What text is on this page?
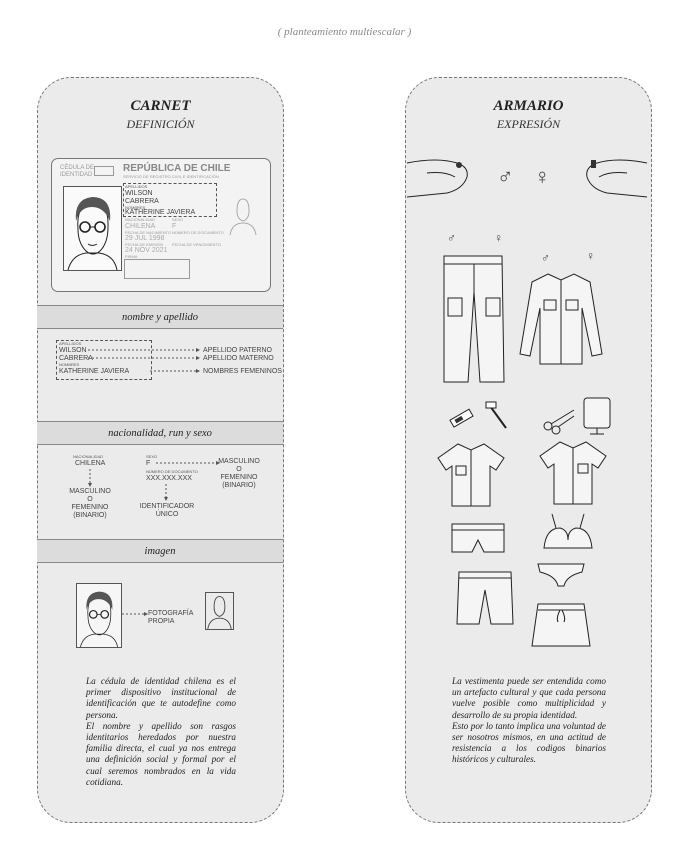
( planteamiento multiescalar )
CARNET
DEFINICIÓN
CÉDULA DE
IDENTIDAD
REPÚBLICA DE CHILE
SERVICIO DE REGISTRO CIVIL E IDENTIFICACIÓN
APELLIDOS
WILSON
CABRERA
NOMBRES
KATHERINE JAVIERA
NACIONALIDAD
CHILENA
SEXO
F
FECHA DE NACIMIENTO NÚMERO DE DOCUMENTO
29 JUL 1998
FECHA DE EMISIÓN FECHA DE VENCIMIENTO
24 NOV 2021
FIRMA
nombre y apellido
APELLIDOS
WILSON
CABRERA
NOMBRES
KATHERINE JAVIERA
APELLIDO PATERNO
APELLIDO MATERNO
NOMBRES FEMENINOS
nacionalidad, run y sexo
NACIONALIDAD
CHILENA
SEXO
F
NÚMERO DE DOCUMENTO
XXX.XXX.XXX
MASCULINO
O
FEMENINO
(BINARIO)
MASCULINO
O
FEMENINO
(BINARIO)
IDENTIFICADOR
ÚNICO
imagen
FOTOGRAFÍA
PROPIA
La cédula de identidad chilena es el primer dispositivo institucional de identificación que te autodefine como persona.
El nombre y apellido son rasgos identitarios heredados por nuestra familia directa, el cual ya nos entrega una definición social y formal por el cual seremos nombrados en la vida cotidiana.
ARMARIO
EXPRESIÓN
♂ ♀
♂	♀
♂	♀
La vestimenta puede ser entendida como un artefacto cultural y que cada persona vuelve posible como multiplicidad y desarrollo de su propia identidad.
Esto por lo tanto implica una voluntad de ser nosotros mismos, en una actitud de resistencia a los codigos binarios históricos y culturales.
